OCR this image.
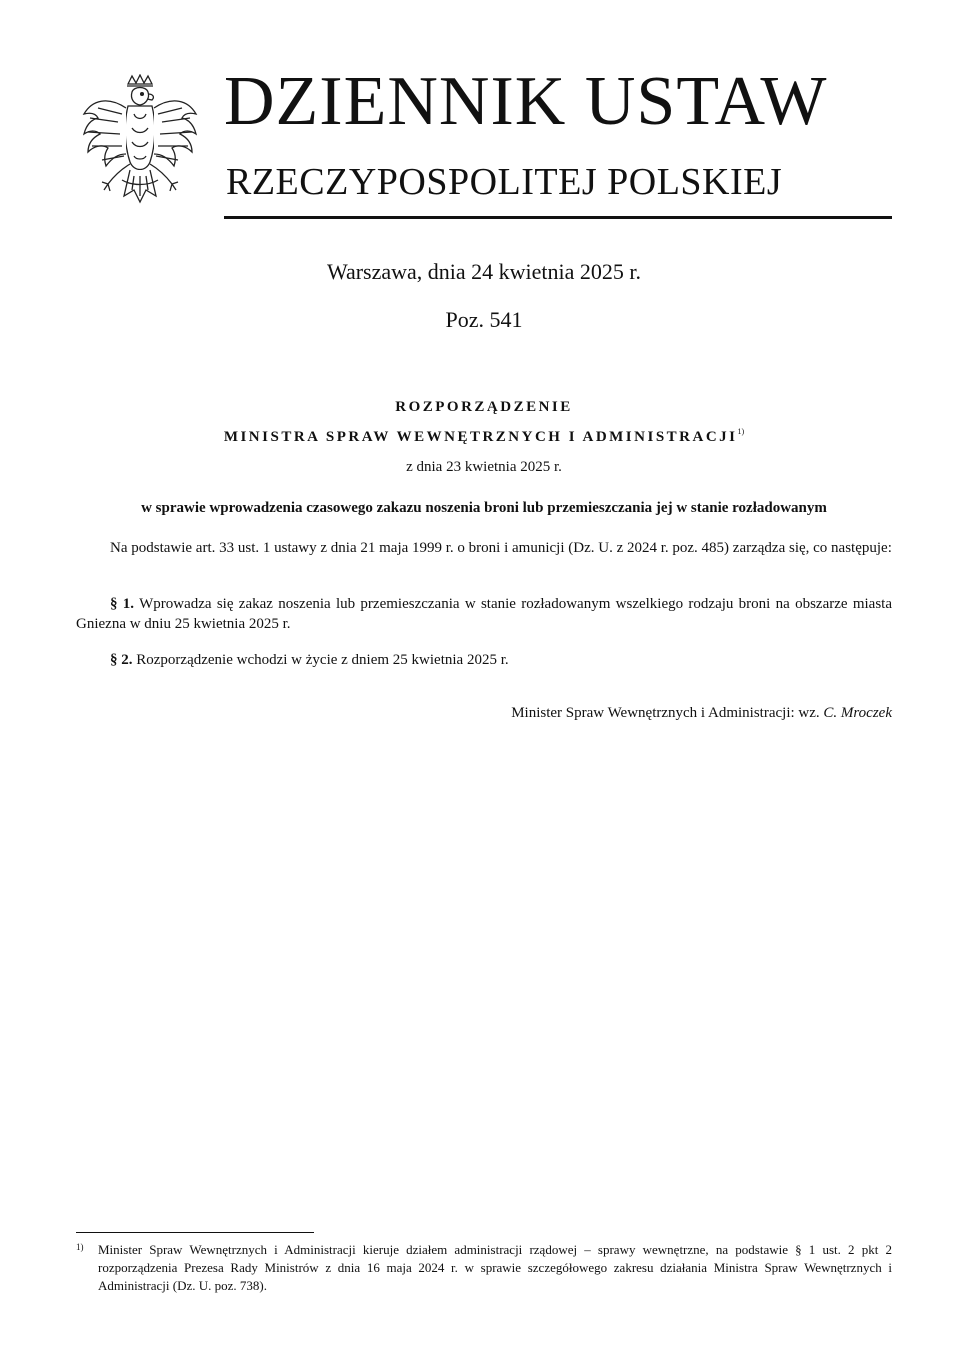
DZIENNIK USTAW
RZECZYPOSPOLITEJ POLSKIEJ
Warszawa, dnia 24 kwietnia 2025 r.
Poz. 541
ROZPORZĄDZENIE
MINISTRA SPRAW WEWNĘTRZNYCH I ADMINISTRACJI$^{1)}$
z dnia 23 kwietnia 2025 r.
w sprawie wprowadzenia czasowego zakazu noszenia broni lub przemieszczania jej w stanie rozładowanym
Na podstawie art. 33 ust. 1 ustawy z dnia 21 maja 1999 r. o broni i amunicji (Dz. U. z 2024 r. poz. 485) zarządza się, co następuje:
§ 1. Wprowadza się zakaz noszenia lub przemieszczania w stanie rozładowanym wszelkiego rodzaju broni na obszarze miasta Gniezna w dniu 25 kwietnia 2025 r.
§ 2. Rozporządzenie wchodzi w życie z dniem 25 kwietnia 2025 r.
Minister Spraw Wewnętrznych i Administracji: wz. C. Mroczek
1) Minister Spraw Wewnętrznych i Administracji kieruje działem administracji rządowej – sprawy wewnętrzne, na podstawie § 1 ust. 2 pkt 2 rozporządzenia Prezesa Rady Ministrów z dnia 16 maja 2024 r. w sprawie szczegółowego zakresu działania Ministra Spraw Wewnętrznych i Administracji (Dz. U. poz. 738).
